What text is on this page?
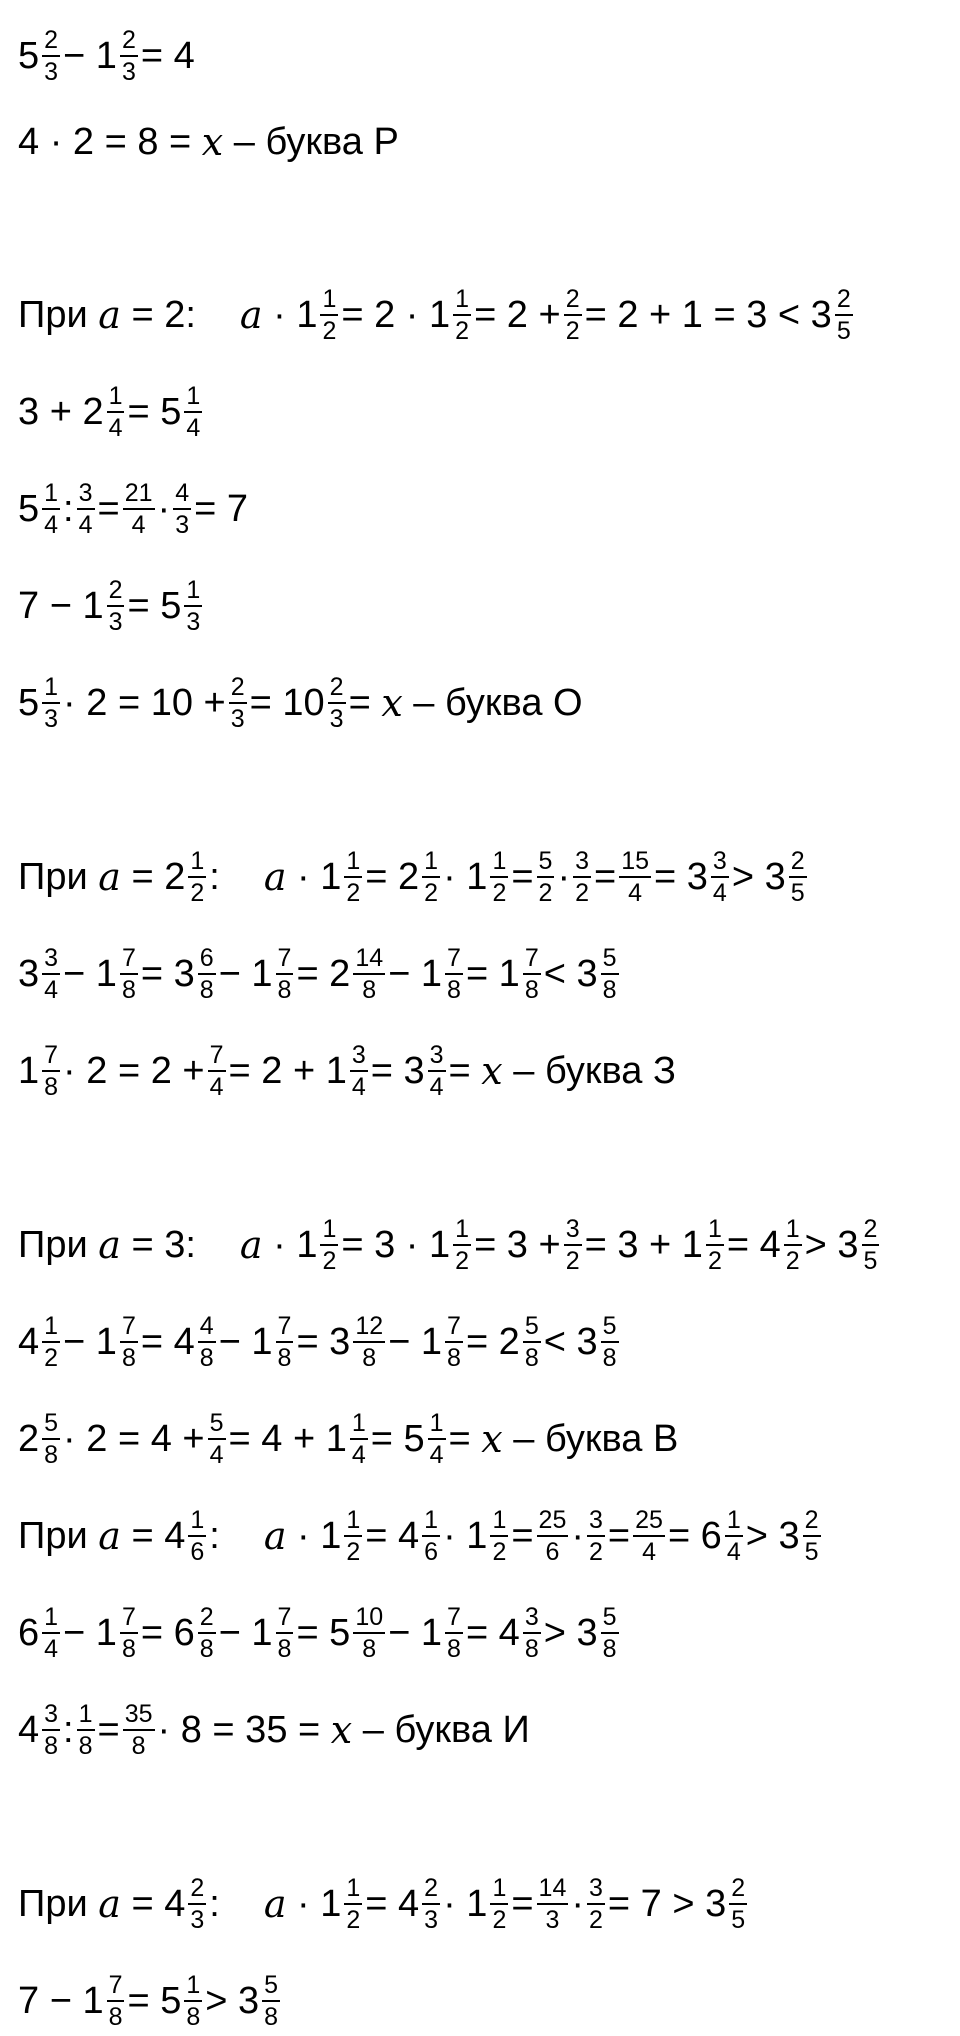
$5 \frac{2}{3} - 1 \frac{2}{3} = 4$
4 · 2 = 8 = x – буква Р
При a = 2: $a \cdot 1 \frac{1}{2} = 2 \cdot 1 \frac{1}{2} = 2 + \frac{2}{2} = 2 + 1 = 3 < 3 \frac{2}{5}$
$3 + 2 \frac{1}{4} = 5 \frac{1}{4}$
$5 \frac{1}{4}$ : $\frac{3}{4} = \frac{21}{4} \cdot \frac{4}{3} = 7$
$7 - 1 \frac{2}{3} = 5 \frac{1}{3}$
$5 \frac{1}{3} \cdot 2 = 10 + \frac{2}{3} = 10 \frac{2}{3} = x$ – буква О
При $a = 2 \frac{1}{2}$ : $a \cdot 1 \frac{1}{2} = 2 \frac{1}{2} \cdot 1 \frac{1}{2} = \frac{5}{2} \cdot \frac{3}{2} = \frac{15}{4} = 3 \frac{3}{4} > 3 \frac{2}{5}$
$3 \frac{3}{4} - 1 \frac{7}{8} = 3 \frac{6}{8} - 1 \frac{7}{8} = 2 \frac{14}{8} - 1 \frac{7}{8} = 1 \frac{7}{8} < 3 \frac{5}{8}$
$1 \frac{7}{8} \cdot 2 = 2 + \frac{7}{4} = 2 + 1 \frac{3}{4} = 3 \frac{3}{4} = x$ – буква З
При a = 3: $a \cdot 1 \frac{1}{2} = 3 \cdot 1 \frac{1}{2} = 3 + \frac{3}{2} = 3 + 1 \frac{1}{2} = 4 \frac{1}{2} > 3 \frac{2}{5}$
$4 \frac{1}{2} - 1 \frac{7}{8} = 4 \frac{4}{8} - 1 \frac{7}{8} = 3 \frac{12}{8} - 1 \frac{7}{8} = 2 \frac{5}{8} < 3 \frac{5}{8}$
$2 \frac{5}{8} \cdot 2 = 4 + \frac{5}{4} = 4 + 1 \frac{1}{4} = 5 \frac{1}{4} = x$ – буква В
При $a = 4 \frac{1}{6}$ : $a \cdot 1 \frac{1}{2} = 4 \frac{1}{6} \cdot 1 \frac{1}{2} = \frac{25}{6} \cdot \frac{3}{2} = \frac{25}{4} = 6 \frac{1}{4} > 3 \frac{2}{5}$
$6 \frac{1}{4} - 1 \frac{7}{8} = 6 \frac{2}{8} - 1 \frac{7}{8} = 5 \frac{10}{8} - 1 \frac{7}{8} = 4 \frac{3}{8} > 3 \frac{5}{8}$
$4 \frac{3}{8}$ : $\frac{1}{8} = \frac{35}{8} \cdot 8 = 35 = x$ – буква И
При $a = 4 \frac{2}{3}$ : $a \cdot 1 \frac{1}{2} = 4 \frac{2}{3} \cdot 1 \frac{1}{2} = \frac{14}{3} \cdot \frac{3}{2} = 7 > 3 \frac{2}{5}$
$7 - 1 \frac{7}{8} = 5 \frac{1}{8} > 3 \frac{5}{8}$
